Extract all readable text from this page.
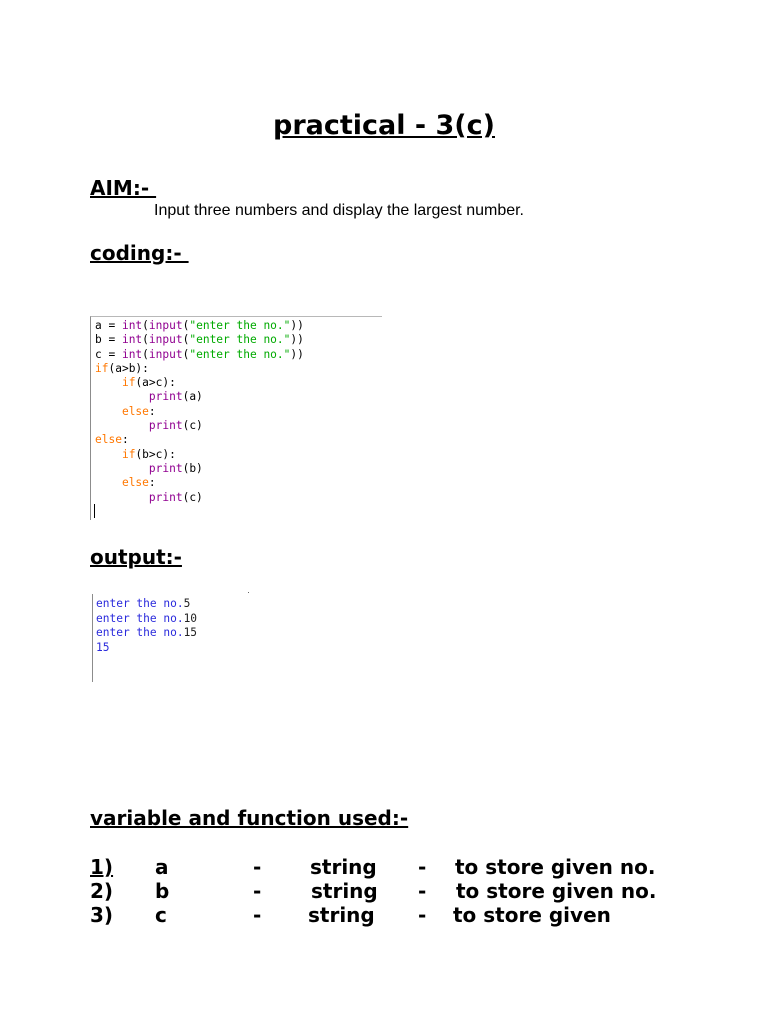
practical - 3(c)
AIM:-

Input three numbers and display the largest number.

coding:-
a = int(input("enter the no."))
b = int(input("enter the no."))
c = int(input("enter the no."))
if(a>b):
if(a>c):
print(a)
else:
print(c)
else:
if(b>c):
print(b)
else:
print(c)
output:-
enter the no.5
enter the no.10
enter the no.15
15
variable and function used:-
1) a	- string - to store given no.
2) b	- string - to store given no.
3) c	- string - to store given
